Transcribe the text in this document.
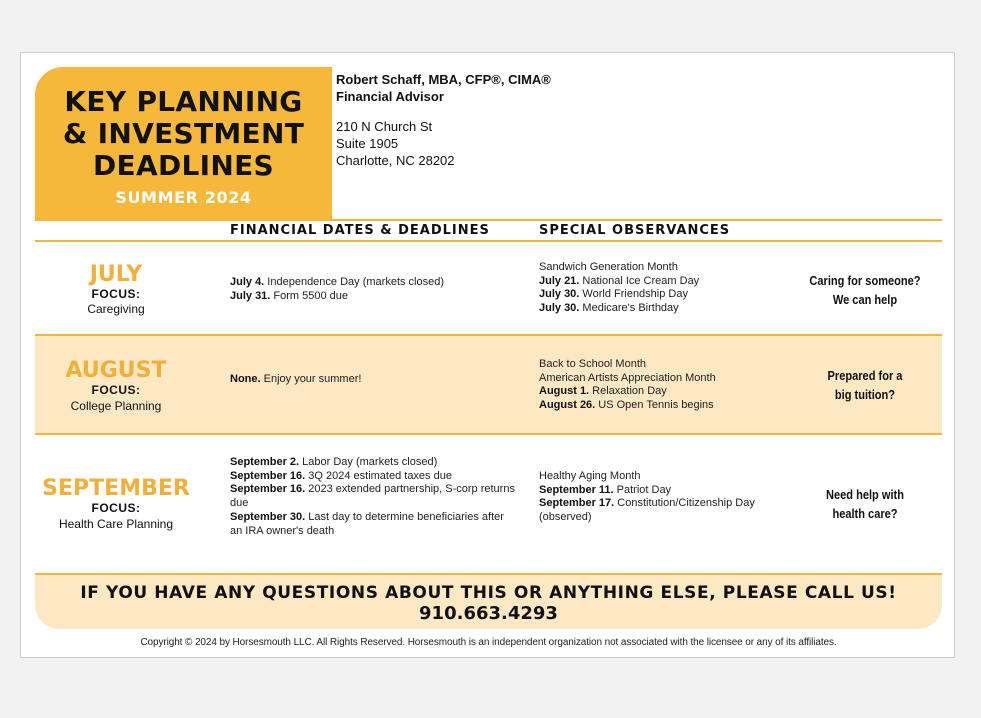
KEY PLANNING
& INVESTMENT
DEADLINES
SUMMER 2024
Robert Schaff, MBA, CFP®, CIMA®
Financial Advisor
210 N Church St
Suite 1905
Charlotte, NC 28202
FINANCIAL DATES & DEADLINES	SPECIAL OBSERVANCES
JULY
FOCUS:
Caregiving
July 4. Independence Day (markets closed)
July 31. Form 5500 due
Sandwich Generation Month
July 21. National Ice Cream Day
July 30. World Friendship Day
July 30. Medicare's Birthday
Caring for someone?
We can help
AUGUST
FOCUS:
College Planning
None. Enjoy your summer!
Back to School Month
American Artists Appreciation Month
August 1. Relaxation Day
August 26. US Open Tennis begins
Prepared for a
big tuition?
SEPTEMBER
FOCUS:
Health Care Planning
September 2. Labor Day (markets closed)
September 16. 3Q 2024 estimated taxes due
September 16. 2023 extended partnership, S-corp returns due
September 30. Last day to determine beneficiaries after an IRA owner's death
Healthy Aging Month
September 11. Patriot Day
September 17. Constitution/Citizenship Day (observed)
Need help with
health care?
IF YOU HAVE ANY QUESTIONS ABOUT THIS OR ANYTHING ELSE, PLEASE CALL US!
910.663.4293
Copyright © 2024 by Horsesmouth LLC. All Rights Reserved. Horsesmouth is an independent organization not associated with the licensee or any of its affiliates.
